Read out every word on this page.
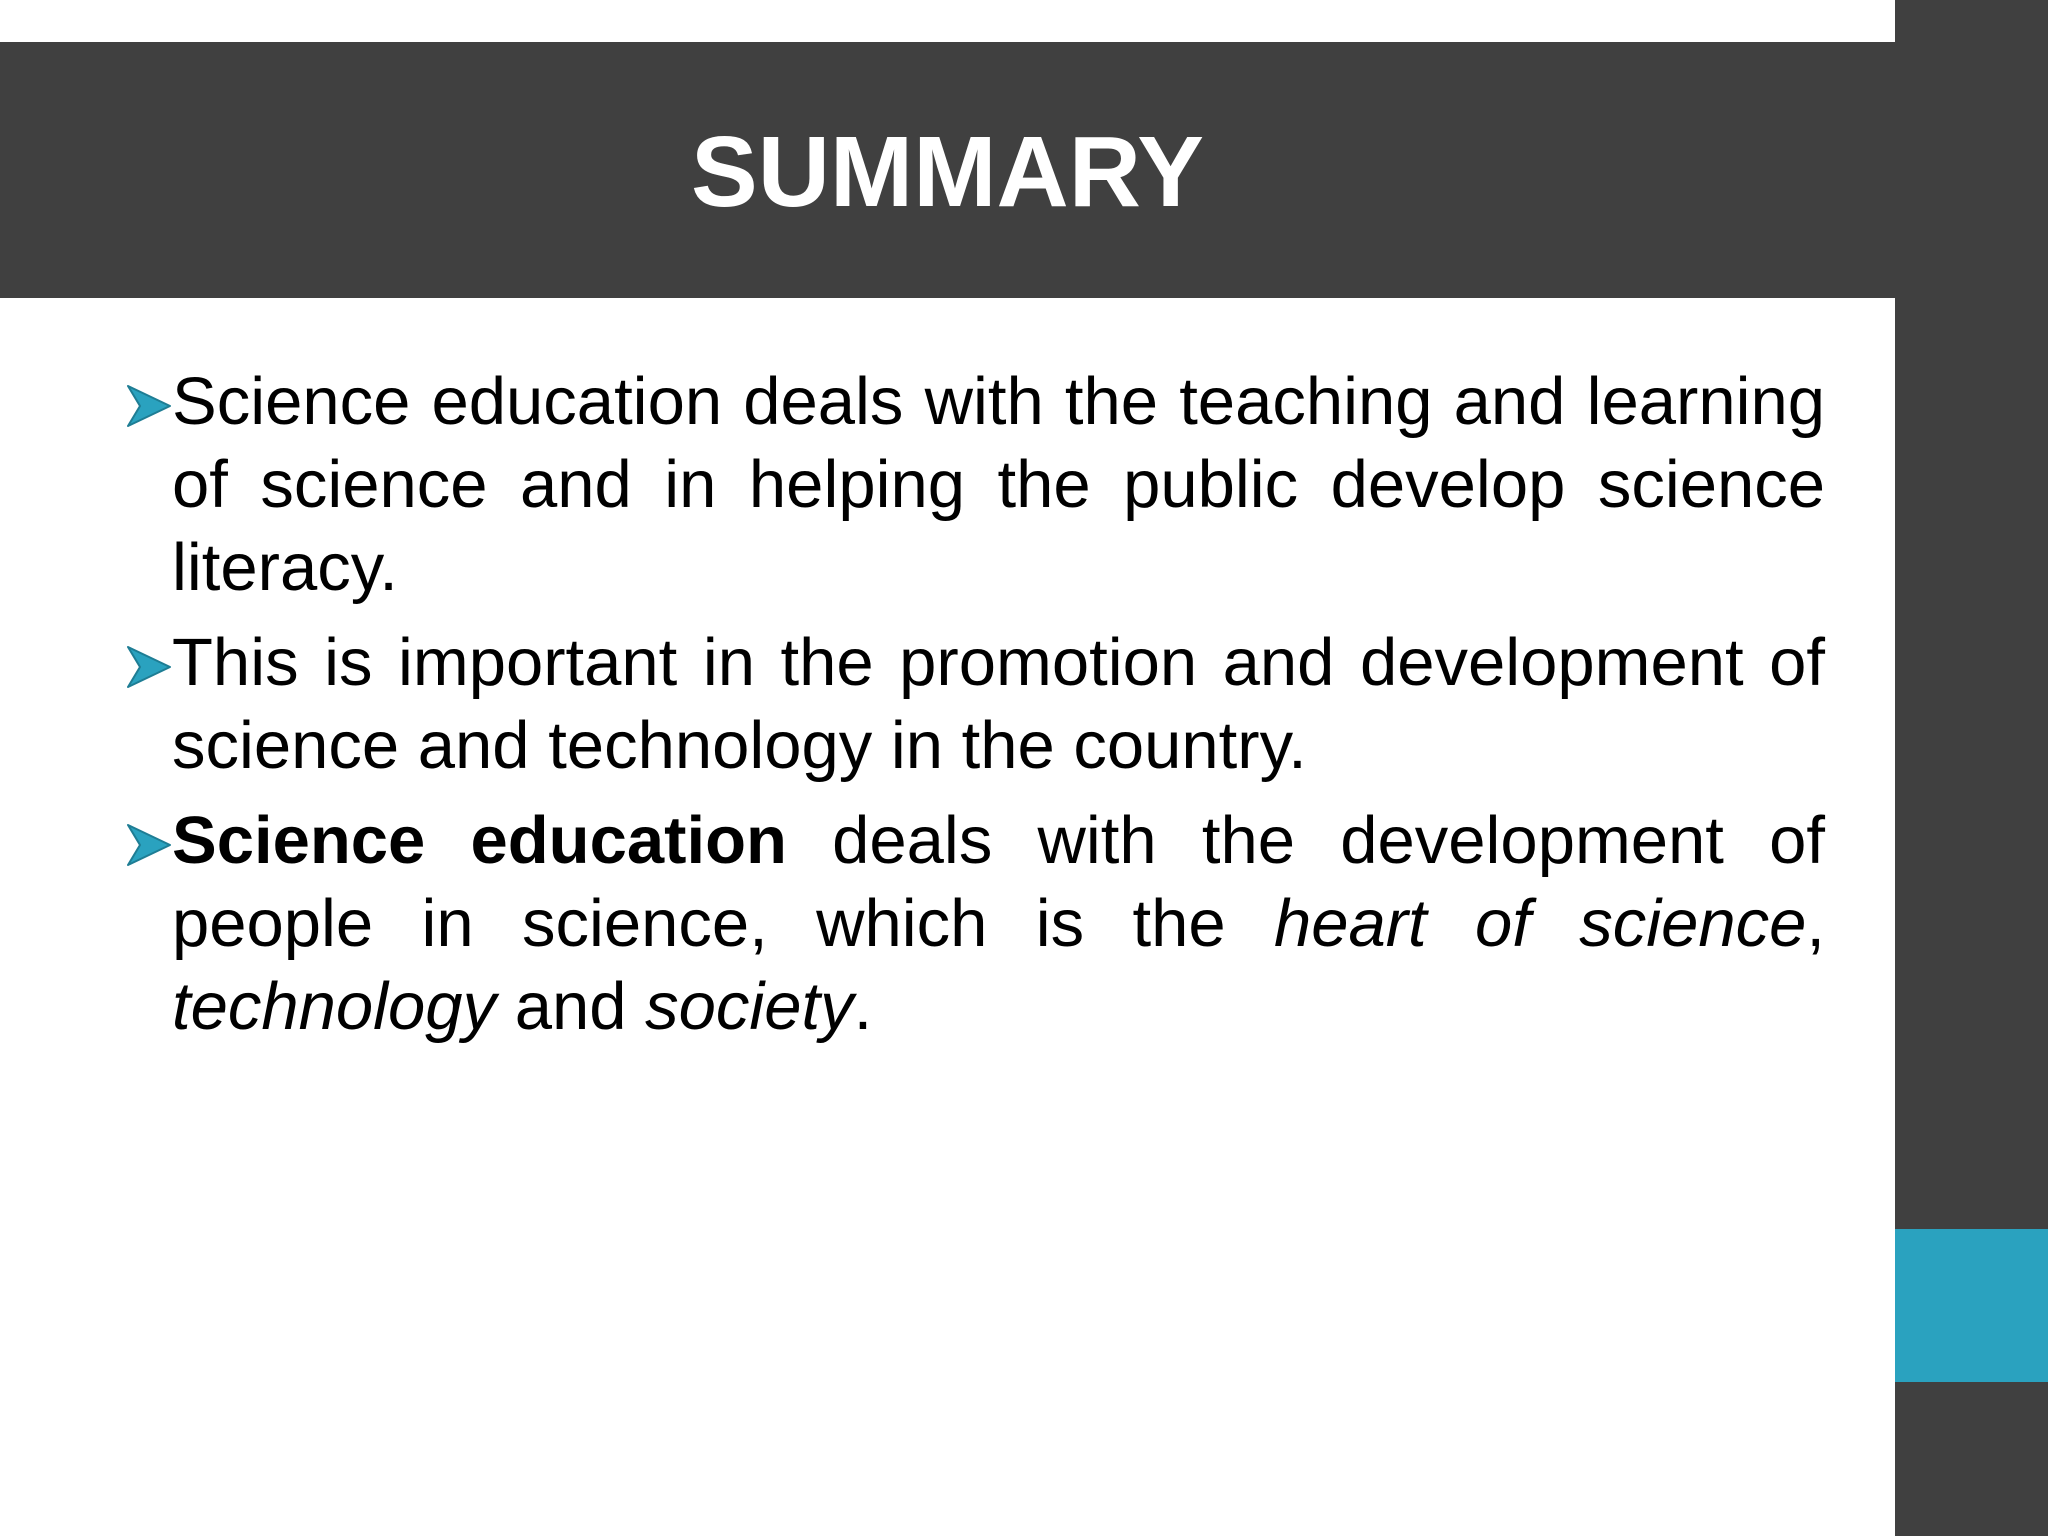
SUMMARY
Science education deals with the teaching and learning of science and in helping the public develop science literacy.
This is important in the promotion and development of science and technology in the country.
Science education deals with the development of people in science, which is the heart of science, technology and society.
